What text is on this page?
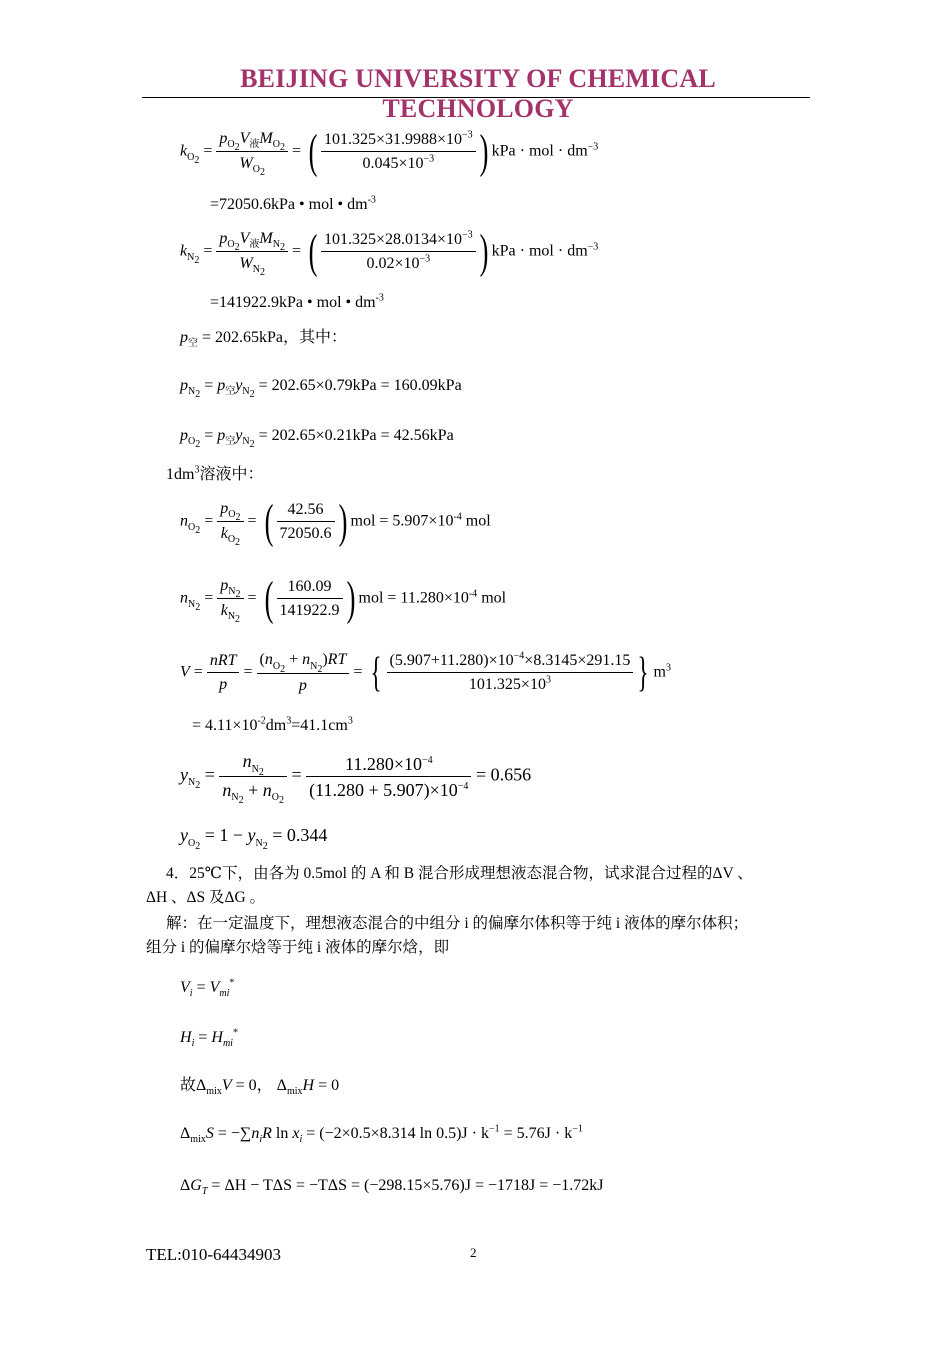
BEIJING UNIVERSITY OF CHEMICAL TECHNOLOGY
$k_{O_2} = \frac{p_{O_2}V_液M_{O_2}}{W_{O_2}}$ = ( $\frac{101.325\times 31.9988\times 10^{-3}}{0.045\times 10^{-3}}$ ) kPa · mol · $dm^{-3}$
=72050.6kPa • mol • $dm^{-3}$
$k_{N_2} = \frac{p_{O_2}V_液M_{N_2}}{W_{N_2}}$ = ( $\frac{101.325\times 28.0134\times 10^{-3}}{0.02\times 10^{-3}}$ ) kPa · mol · $dm^{-3}$
=141922.9kPa • mol • $dm^{-3}$
$p_空 = 202.65kPa$，其中：
$p_{N_2} = p_空y_{N_2} = 202.65\times 0.79kPa = 160.09kPa$
$p_{O_2} = p_空y_{N_2} = 202.65\times 0.21kPa = 42.56kPa$
$1dm^3$溶液中：
$n_{O_2} = \frac{p_{O_2}}{k_{O_2}}$ = ( $\frac{42.56}{72050.6}$ ) mol = $5.907\times 10^{-4}$ mol
$n_{N_2} = \frac{p_{N_2}}{k_{N_2}}$ = ( $\frac{160.09}{141922.9}$ ) mol = $11.280\times 10^{-4}$ mol
$V = \frac{\text{nRT}}{p} = \frac{(n_{O_2} + n_{N_2})RT}{p}$ = { $\frac{(5.907+11.280)\times 10^{-4}\times 8.3145\times 291.15}{101.325\times 10^3}$ } $m^3$
= $4.11\times 10^{-2}dm^3=41.1cm^3$
$y_{N_2} = \frac{n_{N_2}}{n_{N_2} + n_{O_2}} = \frac{11.280\times 10^{-4}}{(11.280 + 5.907)\times 10^{-4}} = 0.656$
$y_{O_2} = 1 - y_{N_2} = 0.344$
4．25℃下，由各为 0.5mol 的 A 和 B 混合形成理想液态混合物，试求混合过程的ΔV 、
ΔH 、ΔS 及ΔG 。
解：在一定温度下，理想液态混合的中组分 i 的偏摩尔体积等于纯 i 液体的摩尔体积；
组分 i 的偏摩尔焓等于纯 i 液体的摩尔焓，即
$V_i = V_{mi}^*$
$H_i = H_{mi}^*$
故$\Delta_{mix}V = 0$， $\Delta_{mix}H = 0$
$\Delta_{mix}S = -\sum n_iR$ $\ln x_i = (-2\times 0.5\times 8.314$ $\ln 0.5)J \cdot k^{-1} = 5.76J \cdot k^{-1}$
$\Delta G_T = \Delta H - T\Delta S = -T\Delta S = (-298.15\times 5.76)J = -1718J = -1.72kJ$
TEL:010-64434903	2
